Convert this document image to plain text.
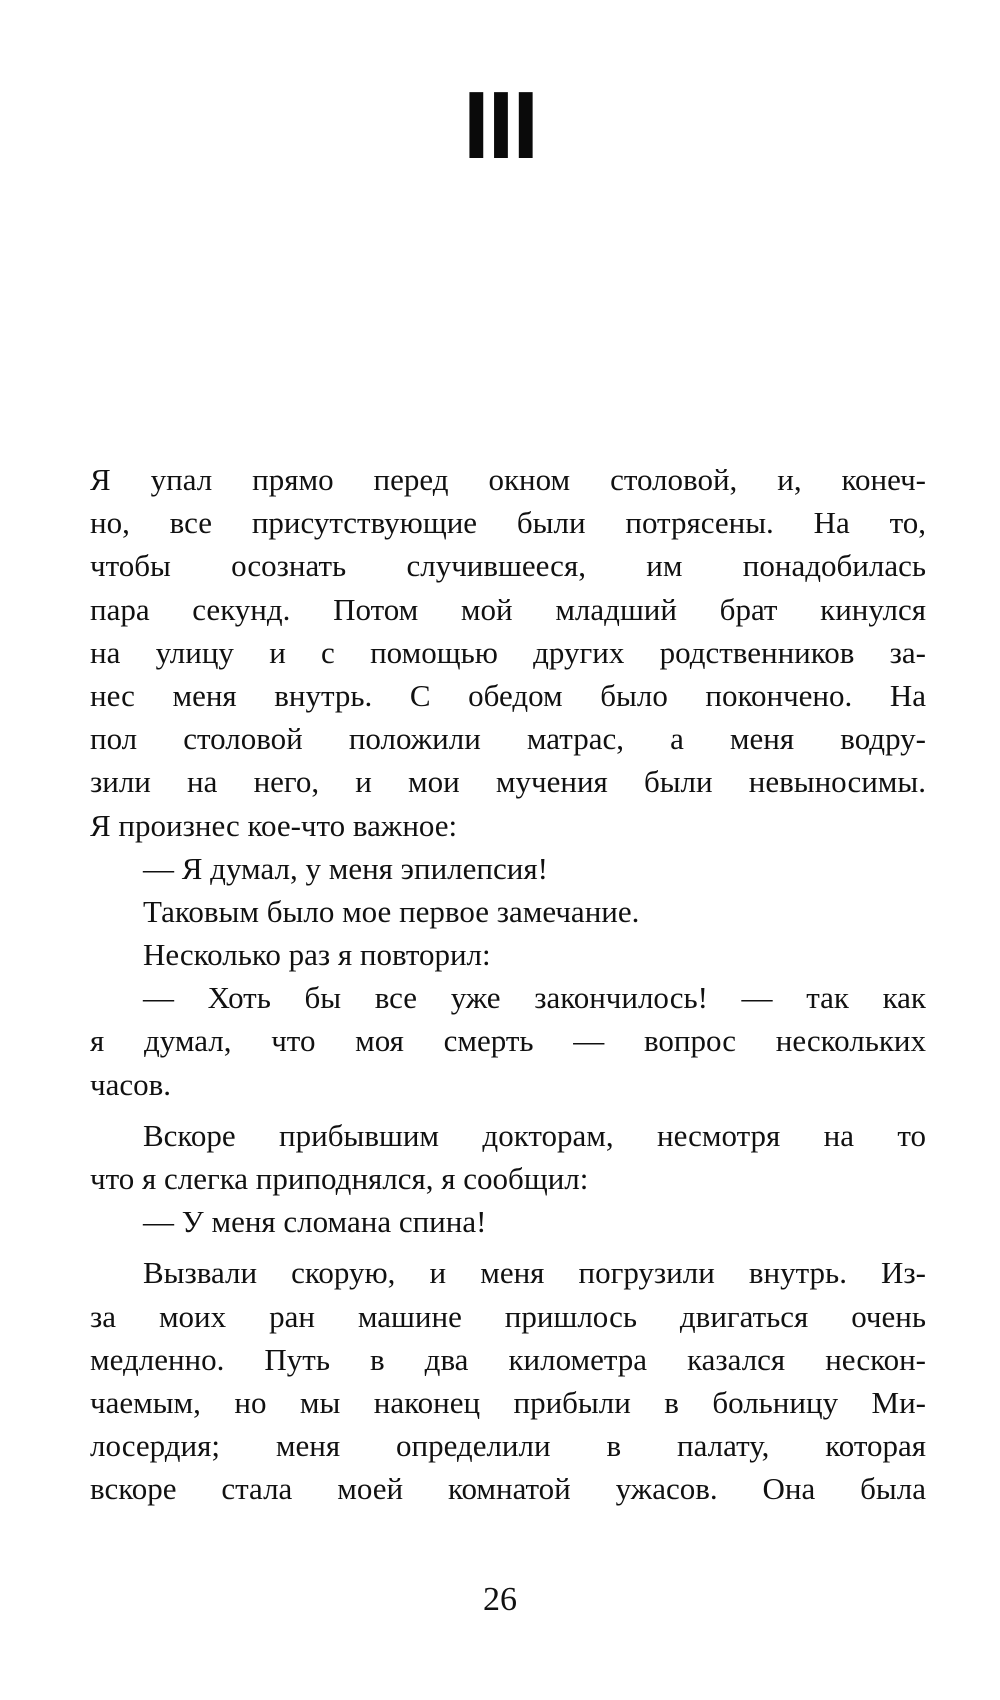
III
Я упал прямо перед окном столовой, и, конеч-
но, все присутствующие были потрясены. На то,
чтобы осознать случившееся, им понадобилась
пара секунд. Потом мой младший брат кинулся
на улицу и с помощью других родственников за-
нес меня внутрь. С обедом было покончено. На
пол столовой положили матрас, а меня водру-
зили на него, и мои мучения были невыносимы.
Я произнес кое-что важное:
— Я думал, у меня эпилепсия!
Таковым было мое первое замечание.
Несколько раз я повторил:
— Хоть бы все уже закончилось! — так как
я думал, что моя смерть — вопрос нескольких
часов.
Вскоре прибывшим докторам, несмотря на то
что я слегка приподнялся, я сообщил:
— У меня сломана спина!
Вызвали скорую, и меня погрузили внутрь. Из-
за моих ран машине пришлось двигаться очень
медленно. Путь в два километра казался нескон-
чаемым, но мы наконец прибыли в больницу Ми-
лосердия; меня определили в палату, которая
вскоре стала моей комнатой ужасов. Она была
26
